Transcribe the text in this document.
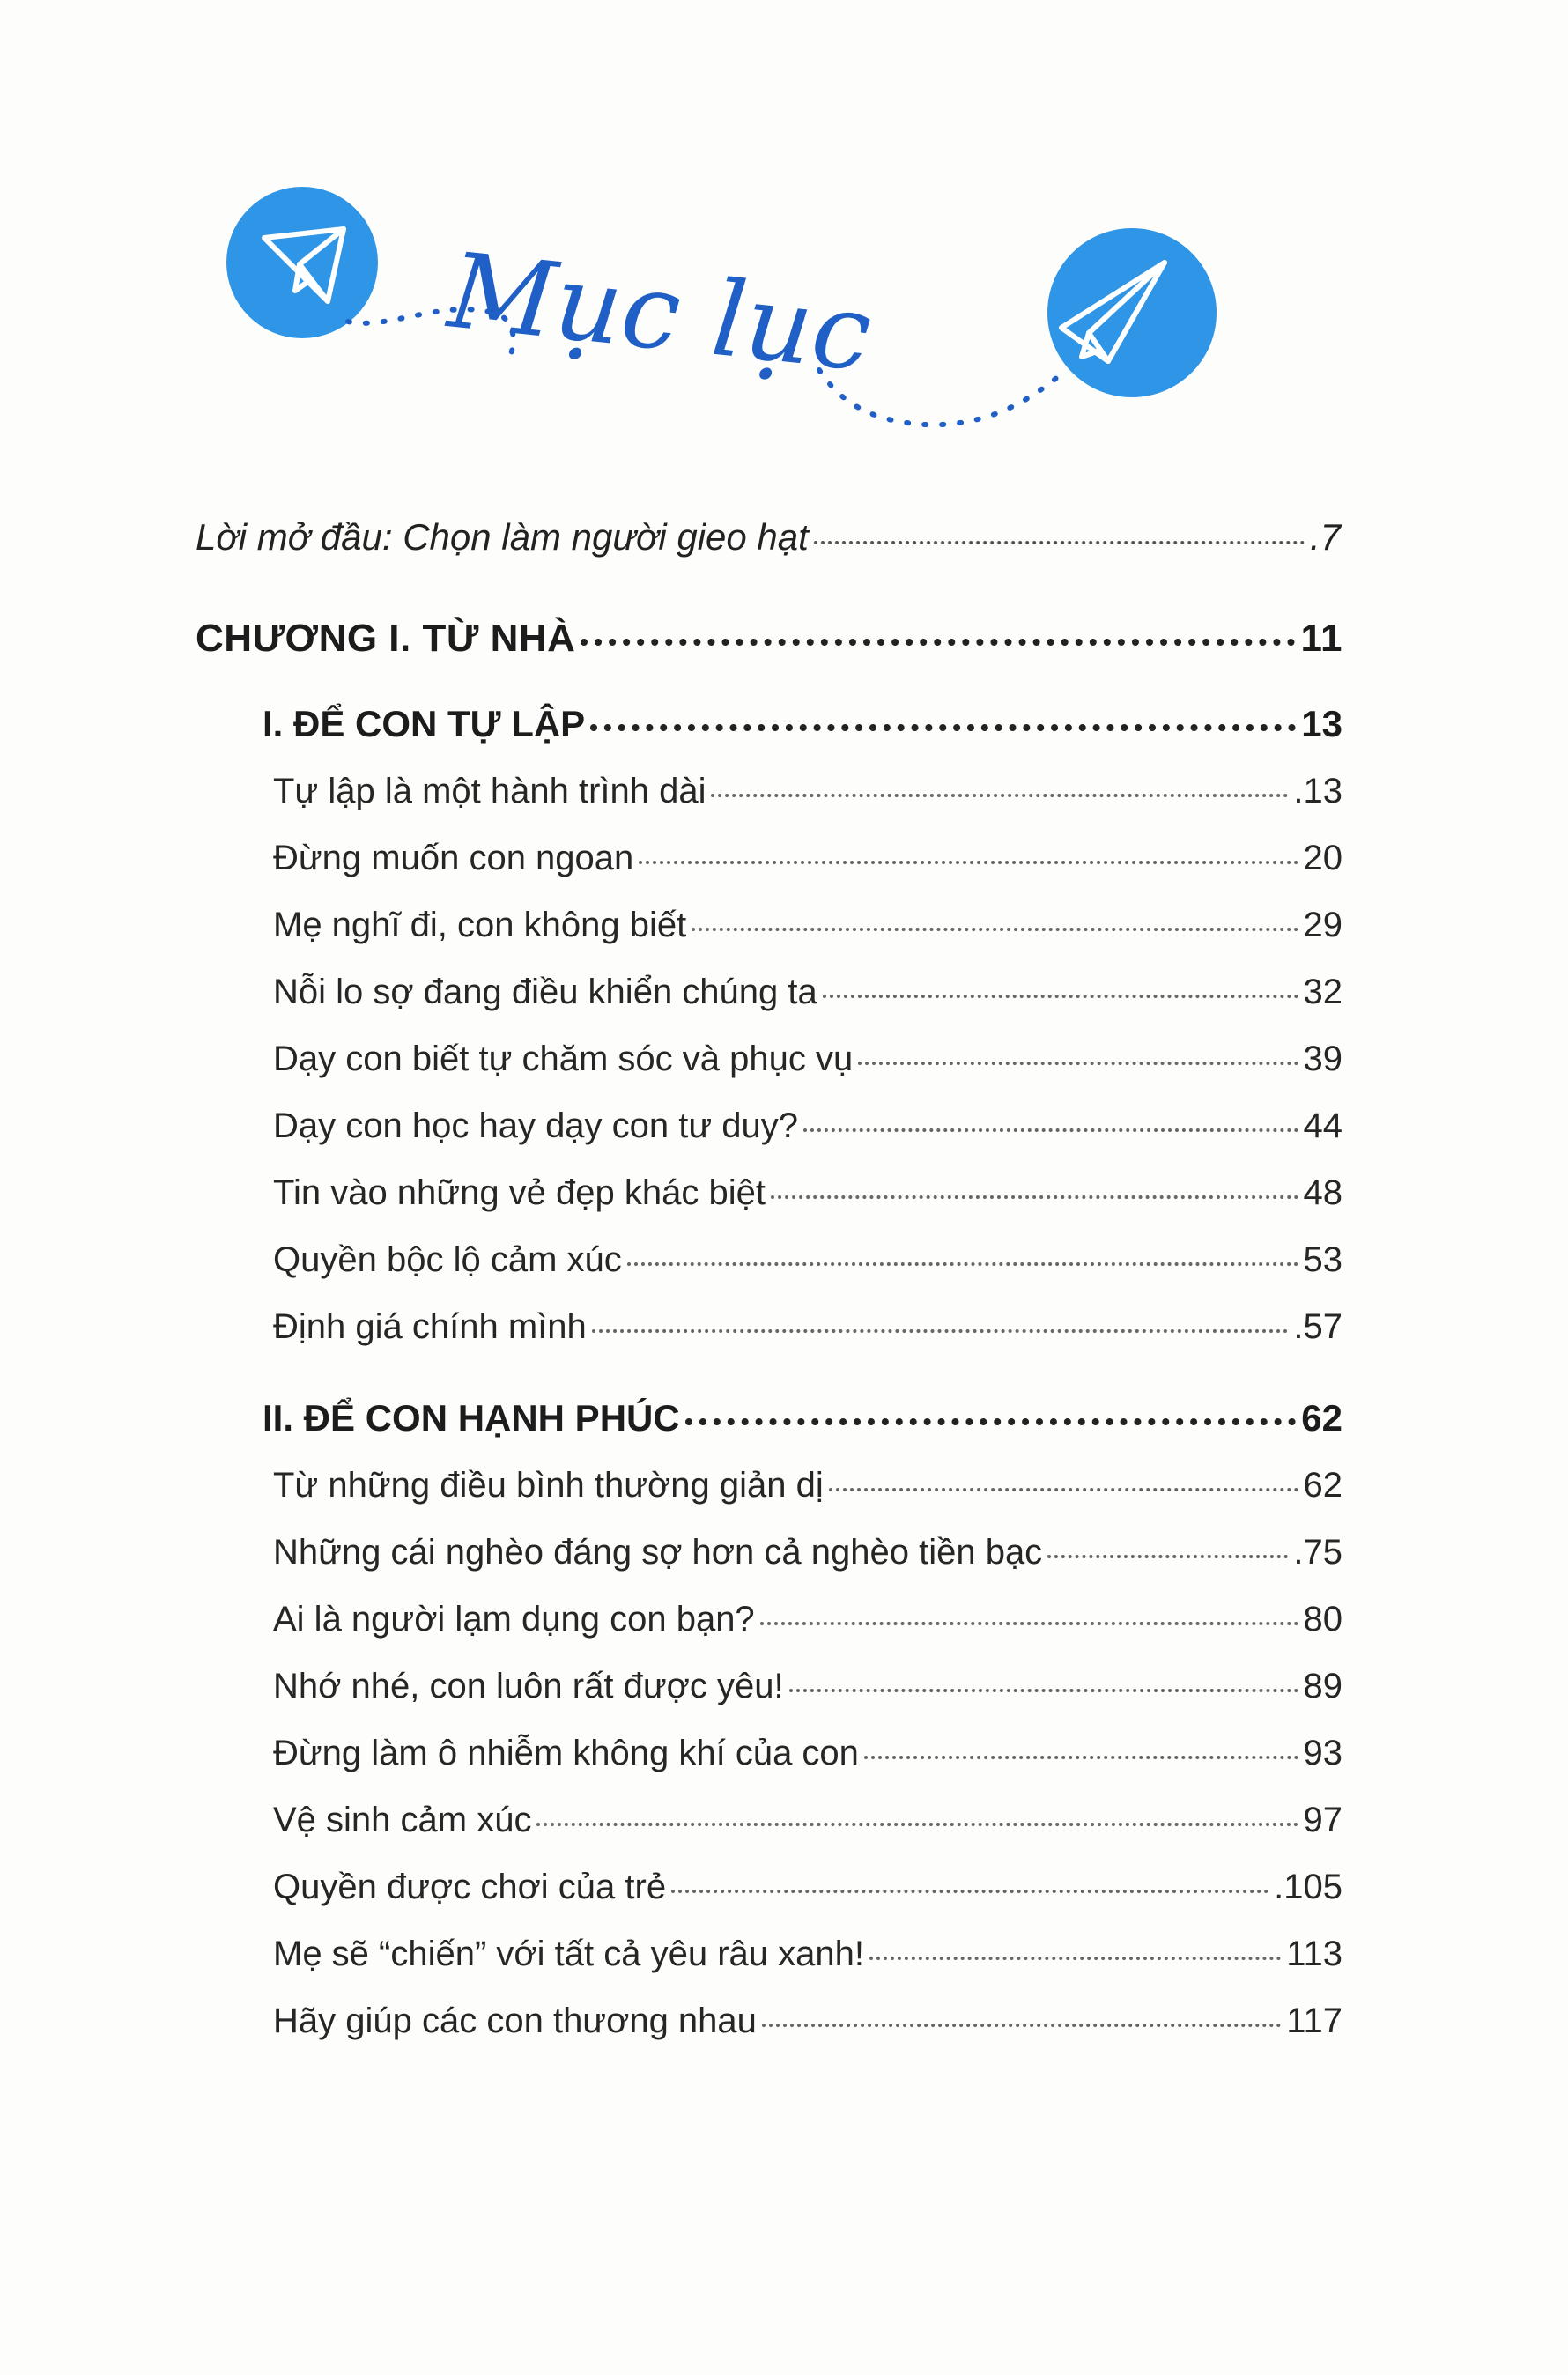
Mục lục
Lời mở đầu: Chọn làm người gieo hạt	.7
CHƯƠNG I. TỪ NHÀ	11
I. ĐỂ CON TỰ LẬP	13
Tự lập là một hành trình dài	.13
Đừng muốn con ngoan	20
Mẹ nghĩ đi, con không biết	29
Nỗi lo sợ đang điều khiển chúng ta	32
Dạy con biết tự chăm sóc và phục vụ	39
Dạy con học hay dạy con tư duy?	44
Tin vào những vẻ đẹp khác biệt	48
Quyền bộc lộ cảm xúc	53
Định giá chính mình	.57
II. ĐỂ CON HẠNH PHÚC	62
Từ những điều bình thường giản dị	62
Những cái nghèo đáng sợ hơn cả nghèo tiền bạc	.75
Ai là người lạm dụng con bạn?	80
Nhớ nhé, con luôn rất được yêu!	89
Đừng làm ô nhiễm không khí của con	93
Vệ sinh cảm xúc	97
Quyền được chơi của trẻ	.105
Mẹ sẽ “chiến” với tất cả yêu râu xanh!	113
Hãy giúp các con thương nhau	117
